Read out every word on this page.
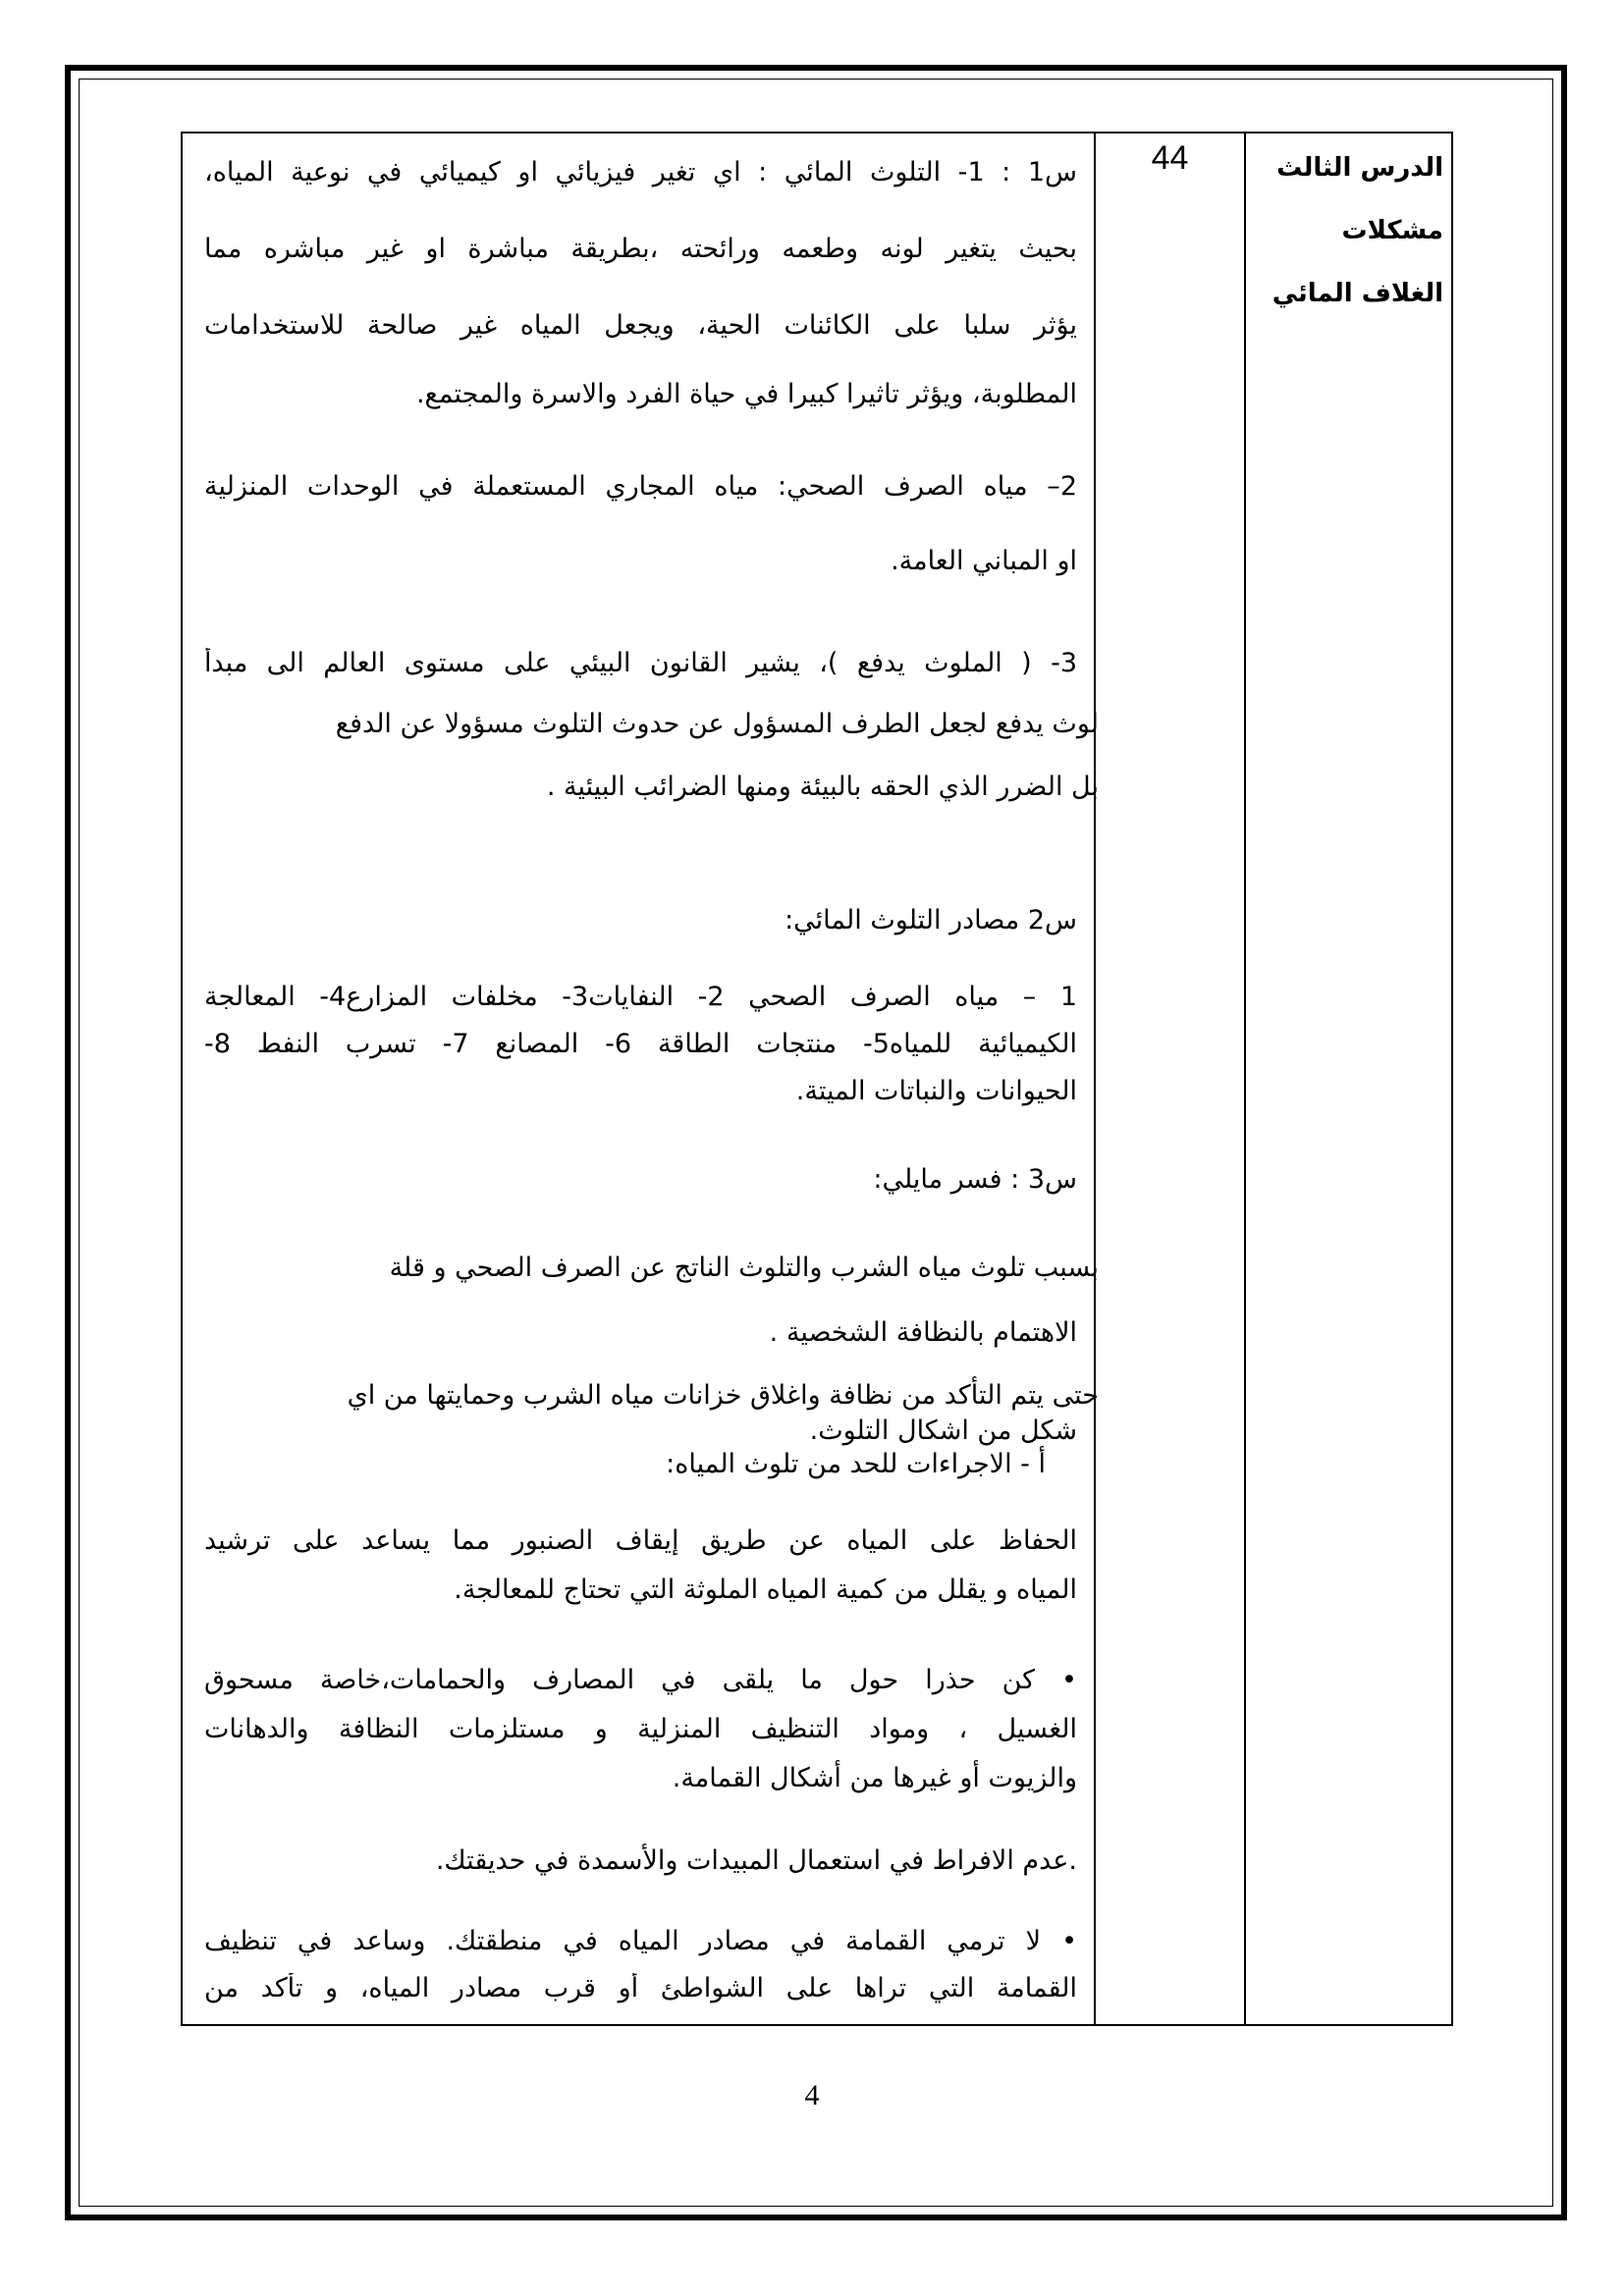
الدرس الثالث
مشكلات
الغلاف المائي
44
س1 : 1- التلوث المائي : اي تغير فيزيائي او كيميائي في نوعية المياه،
بحيث يتغير لونه وطعمه ورائحته ،بطريقة مباشرة او غير مباشره مما
يؤثر سلبا على الكائنات الحية، ويجعل المياه غير صالحة للاستخدامات
المطلوبة، ويؤثر تاثيرا كبيرا في حياة الفرد والاسرة والمجتمع.
2– مياه الصرف الصحي: مياه المجاري المستعملة في الوحدات المنزلية
او المباني العامة.
3- ( الملوث يدفع )، يشير القانون البيئي على مستوى العالم الى مبدأ
لوث يدفع لجعل الطرف المسؤول عن حدوث التلوث مسؤولا عن الدفع
بل الضرر الذي الحقه بالبيئة ومنها الضرائب البيئية .
س2 مصادر التلوث المائي:
1 – مياه الصرف الصحي 2- النفايات3- مخلفات المزارع4- المعالجة
الكيميائية للمياه5- منتجات الطاقة 6- المصانع 7- تسرب النفط 8-
الحيوانات والنباتات الميتة.
س3 : فسر مايلي:
بسبب تلوث مياه الشرب والتلوث الناتج عن الصرف الصحي و قلة
الاهتمام بالنظافة الشخصية .
حتى يتم التأكد من نظافة واغلاق خزانات مياه الشرب وحمايتها من اي
شكل من اشكال التلوث.
أ - الاجراءات للحد من تلوث المياه:
الحفاظ على المياه عن طريق إيقاف الصنبور مما يساعد على ترشيد
المياه و يقلل من كمية المياه الملوثة التي تحتاج للمعالجة.
• كن حذرا حول ما يلقى في المصارف والحمامات،خاصة مسحوق
الغسيل ، ومواد التنظيف المنزلية و مستلزمات النظافة والدهانات
والزيوت أو غيرها من أشكال القمامة.
.عدم الافراط في استعمال المبيدات والأسمدة في حديقتك.
• لا ترمي القمامة في مصادر المياه في منطقتك. وساعد في تنظيف
القمامة التي تراها على الشواطئ أو قرب مصادر المياه، و تأكد من
4
